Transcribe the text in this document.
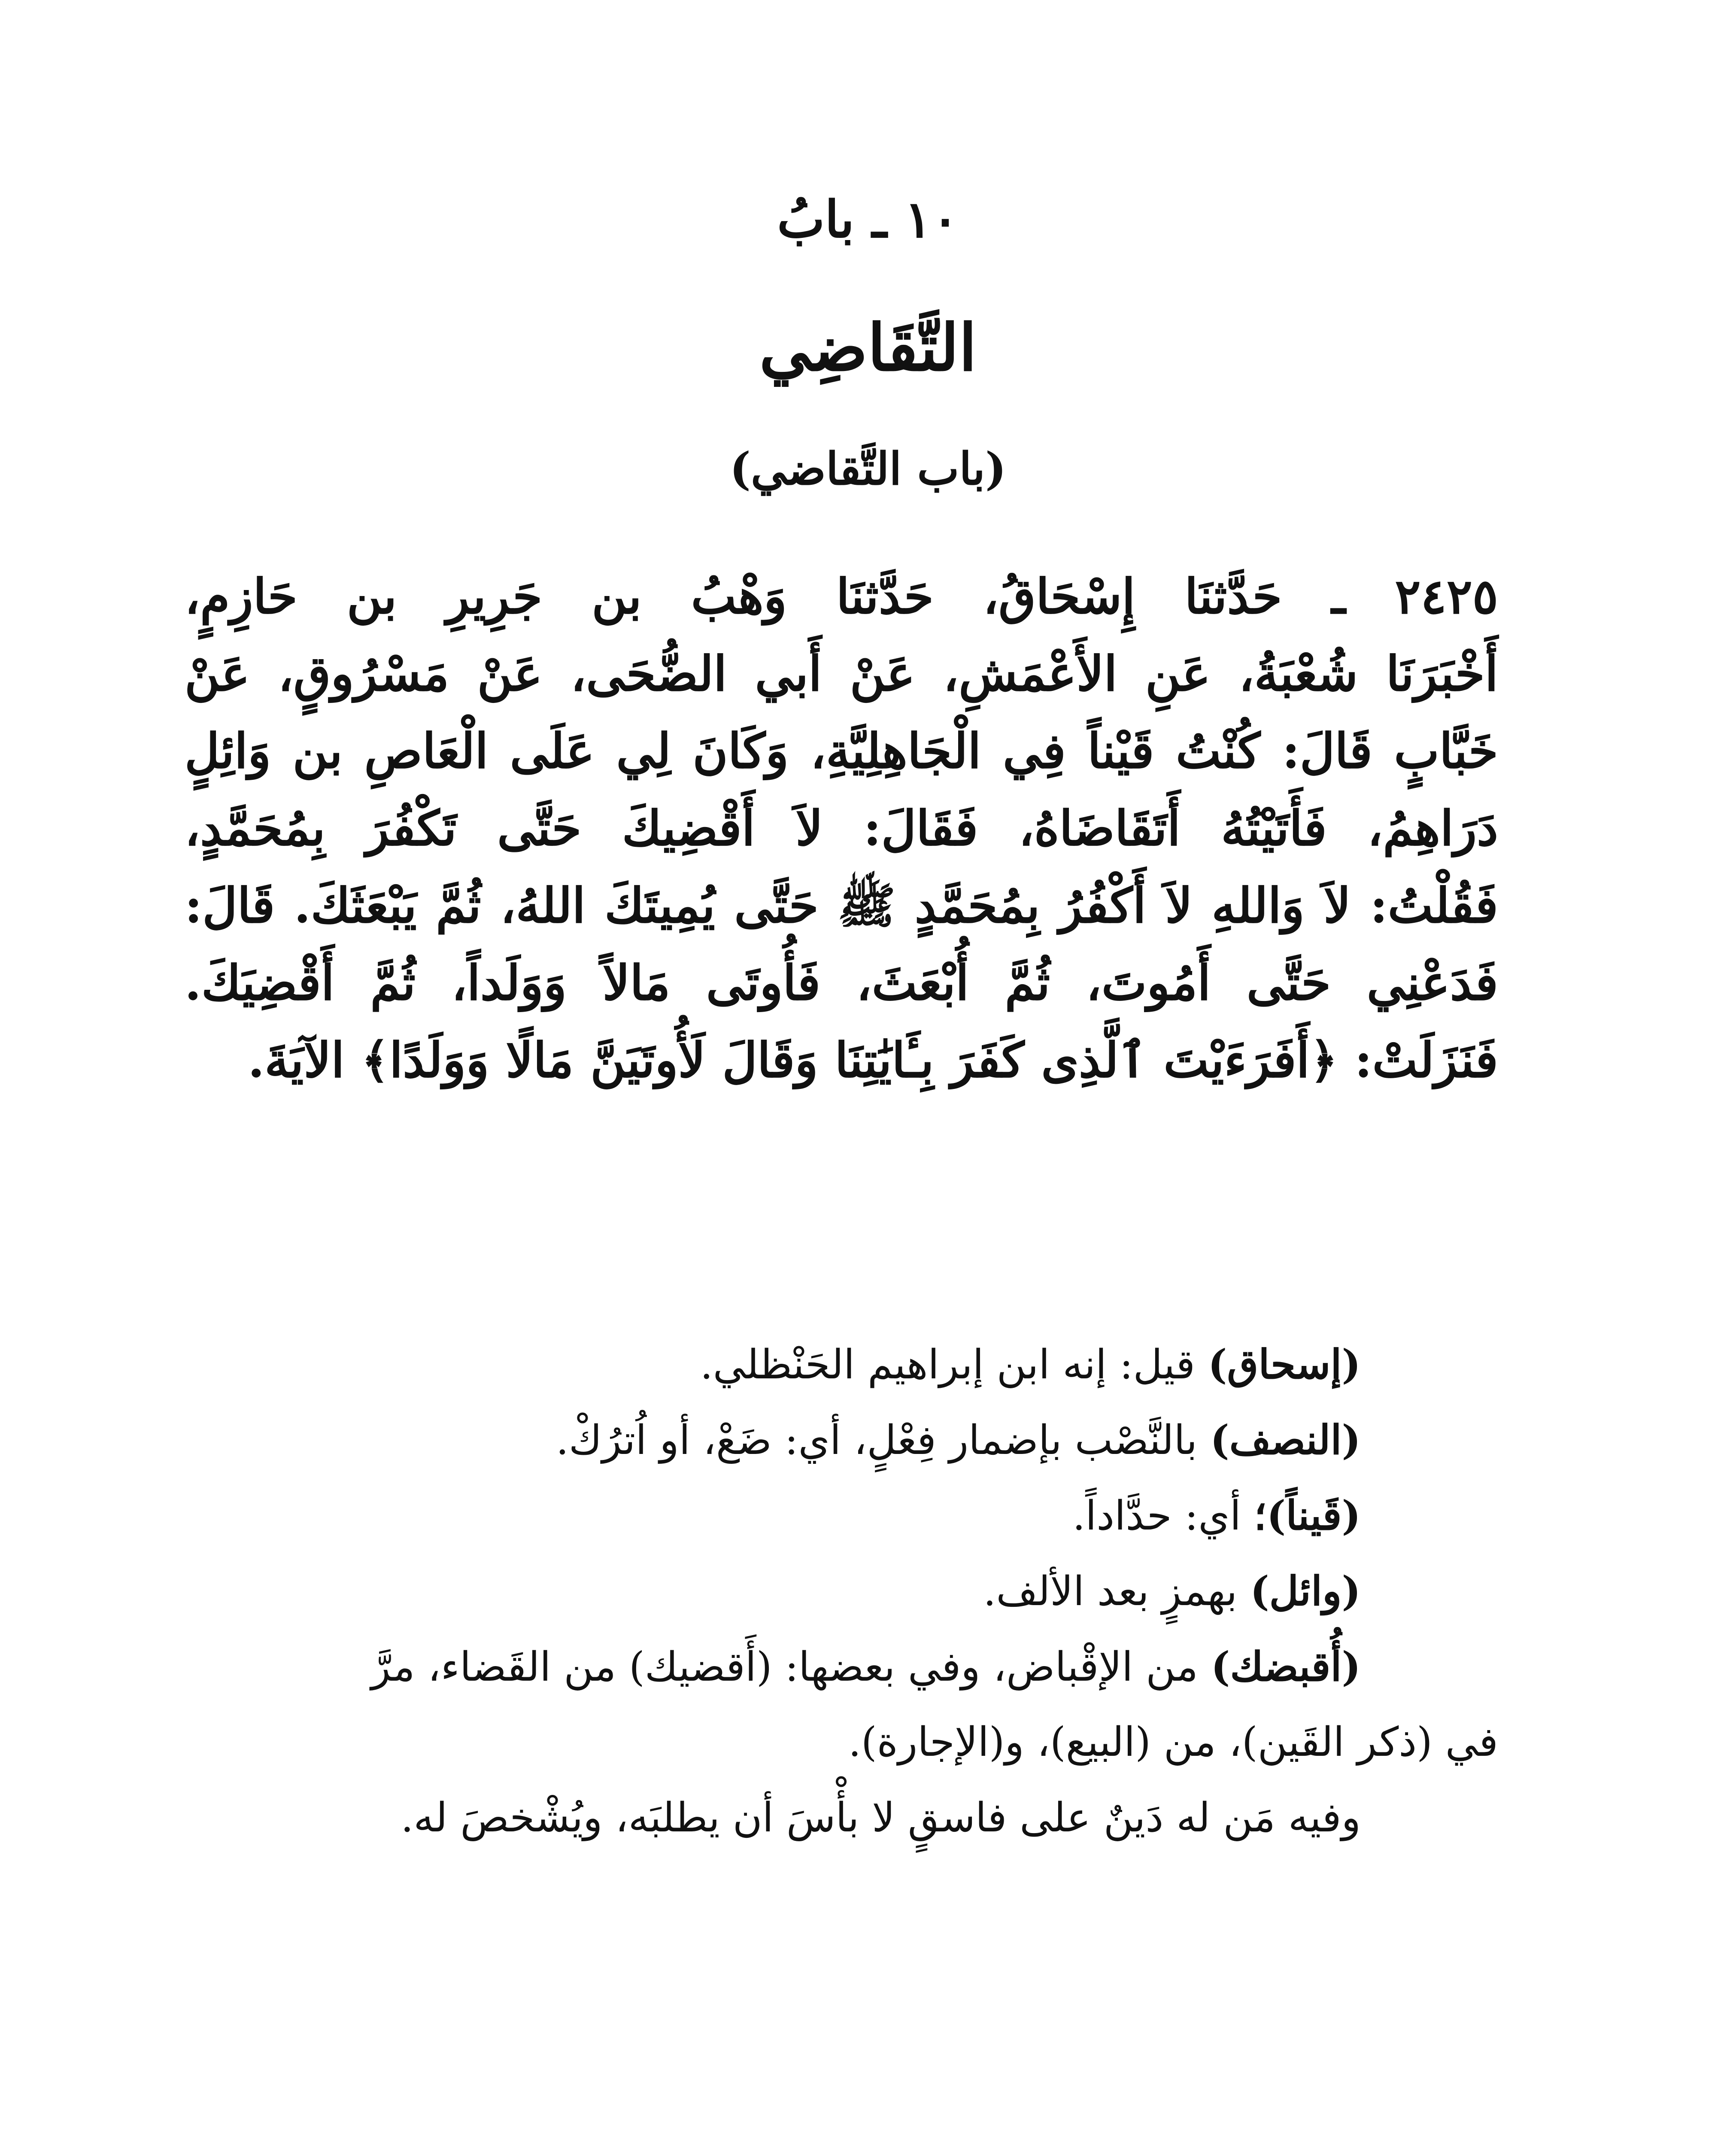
١٠ ـ بابُ
التَّقَاضِي
(باب التَّقاضي)
٢٤٢٥ ـ حَدَّثنَا إِسْحَاقُ، حَدَّثنَا وَهْبُ بن جَرِيرِ بن حَازِمٍ،
أَخْبَرَنَا شُعْبَةُ، عَنِ الأَعْمَشِ، عَنْ أَبي الضُّحَى، عَنْ مَسْرُوقٍ، عَنْ
خَبَّابٍ قَالَ: كُنْتُ قَيْناً فِي الْجَاهِلِيَّةِ، وَكَانَ لِي عَلَى الْعَاصِ بن وَائِلٍ
دَرَاهِمُ، فَأَتَيْتُهُ أَتَقَاضَاهُ، فَقَالَ: لاَ أَقْضِيكَ حَتَّى تَكْفُرَ بِمُحَمَّدٍ،
فَقُلْتُ: لاَ وَاللهِ لاَ أَكْفُرُ بِمُحَمَّدٍ ﷺ حَتَّى يُمِيتَكَ اللهُ، ثُمَّ يَبْعَثَكَ. قَالَ:
فَدَعْنِي حَتَّى أَمُوتَ، ثُمَّ أُبْعَثَ، فَأُوتَى مَالاً وَوَلَداً، ثُمَّ أَقْضِيَكَ.
فَنَزَلَتْ: ﴿أَفَرَءَيْتَ ٱلَّذِى كَفَرَ بِـَٔايَٰتِنَا وَقَالَ لَأُوتَيَنَّ مَالًا وَوَلَدًا﴾ الآيَةَ.
(إسحاق) قيل: إنه ابن إبراهيم الحَنْظلي.
(النصف) بالنَّصْب بإضمار فِعْلٍ، أي: ضَعْ، أو اُترُكْ.
(قَيناً)؛ أي: حدَّاداً.
(وائل) بهمزٍ بعد الألف.
(أُقبضك) من الإقْباض، وفي بعضها: (أَقضيك) من القَضاء، مرَّ
في (ذكر القَين)، من (البيع)، و(الإجارة).
وفيه مَن له دَينٌ على فاسقٍ لا بأْسَ أن يطلبَه، ويُشْخصَ له.
